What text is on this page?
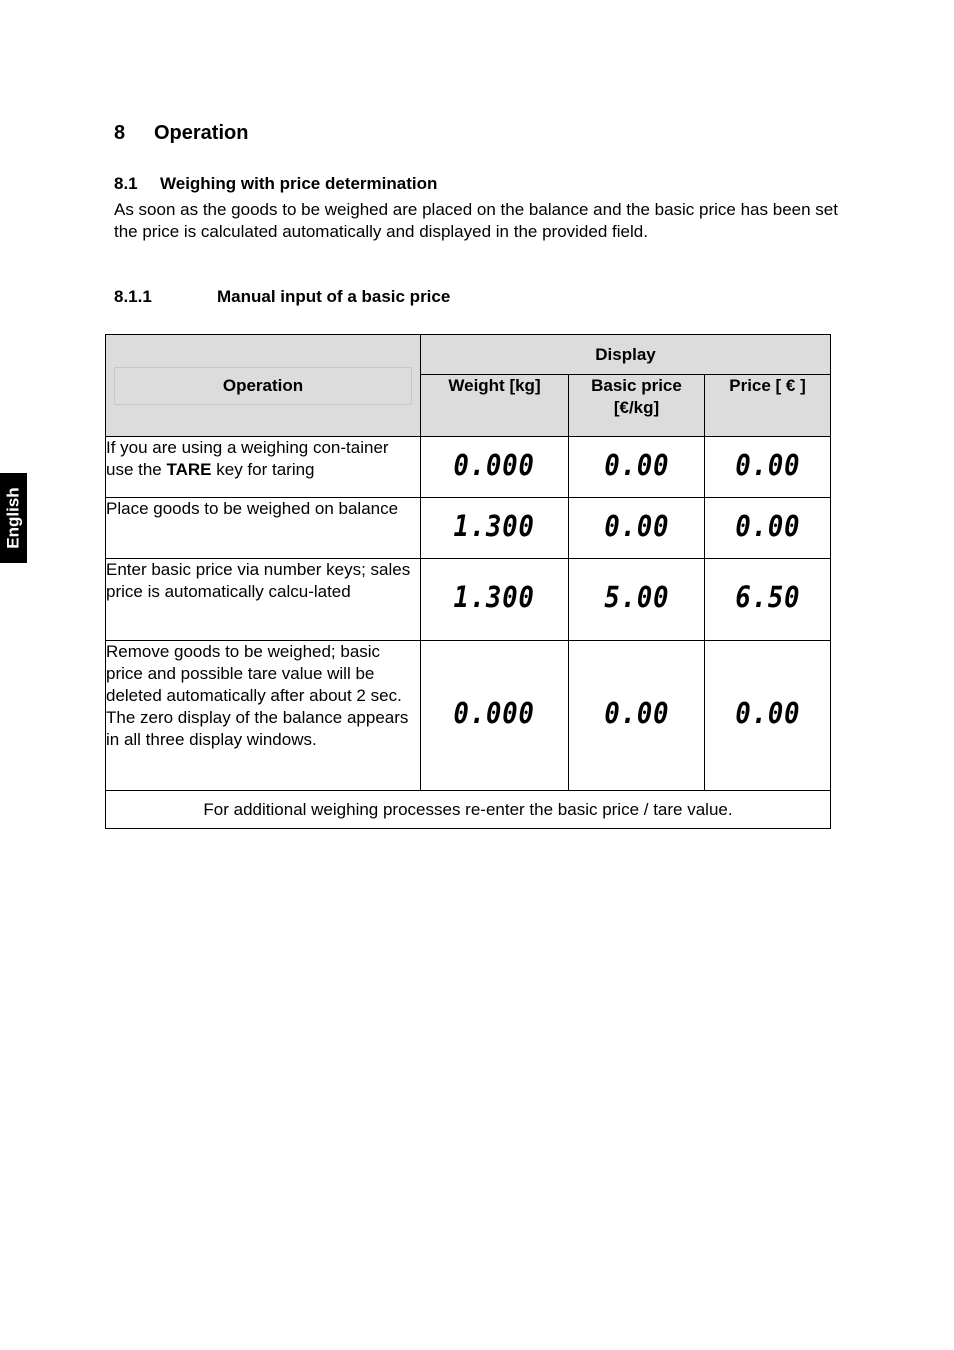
English
8 Operation
8.1 Weighing with price determination
As soon as the goods to be weighed are placed on the balance and the basic price has been set the price is calculated automatically and displayed in the provided field.
8.1.1	Manual input of a basic price
Operation	Display		
	Weight [kg]	Basic price [€/kg]	Price [ € ]
If you are using a weighing con-tainer use the TARE key for taring	0.000	0.00	0.00
Place goods to be weighed on balance	1.300	0.00	0.00
Enter basic price via number keys; sales price is automatically calcu-lated	1.300	5.00	6.50
Remove goods to be weighed; basic price and possible tare value will be deleted automatically after about 2 sec. The zero display of the balance appears in all three display windows.	0.000	0.00	0.00
For additional weighing processes re-enter the basic price / tare value.			
